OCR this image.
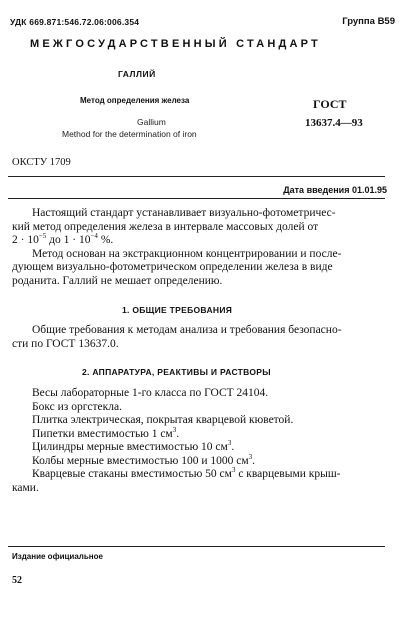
УДК 669.871:546.72.06:006.354	Группа В59
МЕЖГОСУДАРСТВЕННЫЙ СТАНДАРТ
ГАЛЛИЙ
Метод определения железа	ГОСТ
13637.4—93
Gallium
Method for the determination of iron
ОКСТУ 1709
Дата введения 01.01.95
Настоящий стандарт устанавливает визуально-фотометричес-
кий метод определения железа в интервале массовых долей от
$2 \cdot 10^{-5}$ до $1 \cdot 10^{-4}$ %.
Метод основан на экстракционном концентрировании и после-
дующем визуально-фотометрическом определении железа в виде
роданита. Галлий не мешает определению.
1. ОБЩИЕ ТРЕБОВАНИЯ
Общие требования к методам анализа и требования безопасно-
сти по ГОСТ 13637.0.
2. АППАРАТУРА, РЕАКТИВЫ И РАСТВОРЫ
Весы лабораторные 1-го класса по ГОСТ 24104.
Бокс из оргстекла.
Плитка электрическая, покрытая кварцевой кюветой.
Пипетки вместимостью 1 $см^3$.
Цилиндры мерные вместимостью 10 $см^3$.
Колбы мерные вместимостью 100 и 1000 $см^3$.
Кварцевые стаканы вместимостью 50 $см^3$ с кварцевыми крыш-
ками.
Издание официальное
52
